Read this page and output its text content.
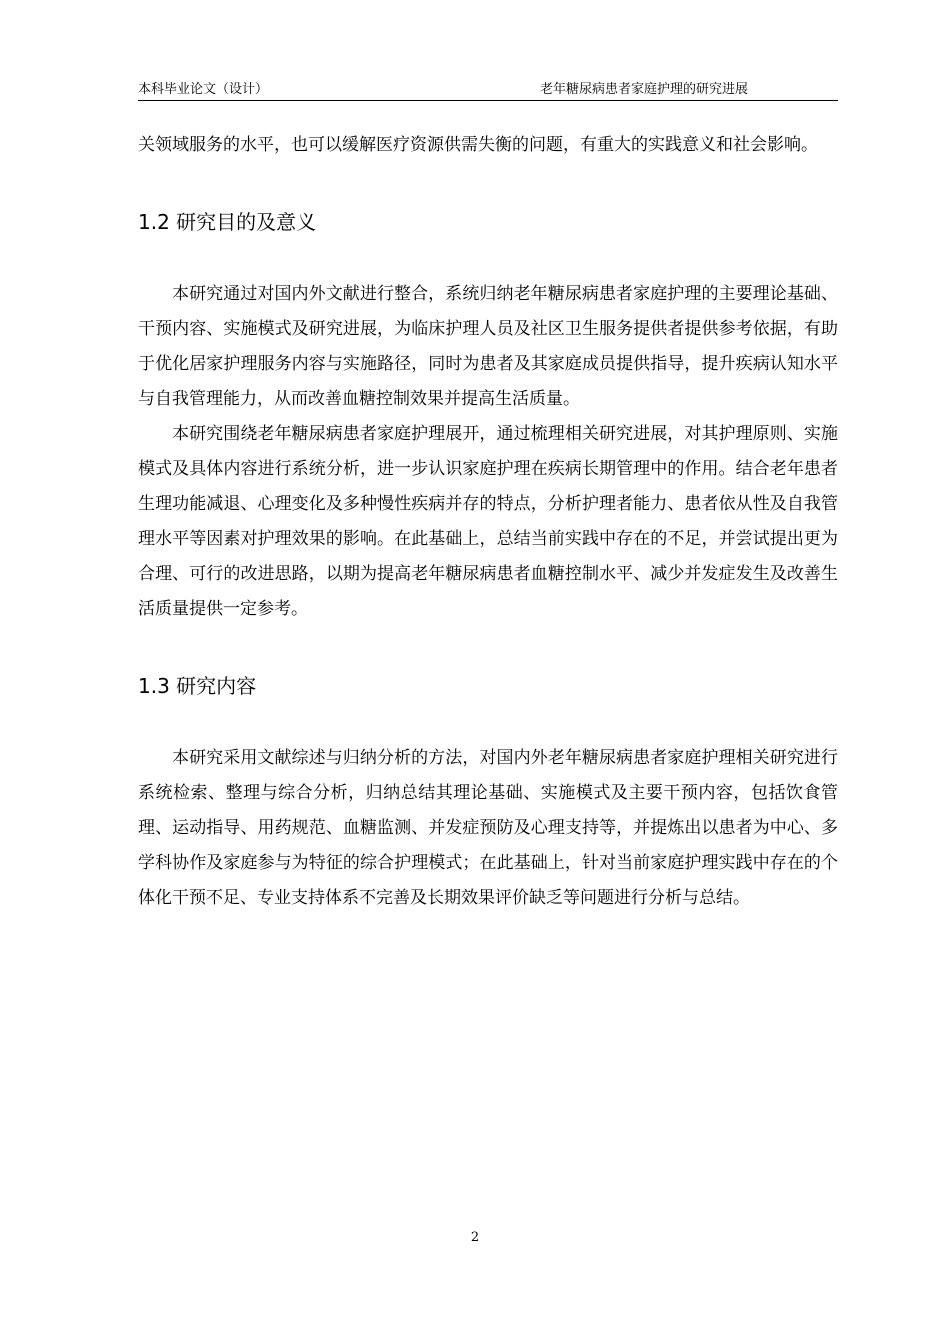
本科毕业论文（设计）	老年糖尿病患者家庭护理的研究进展

关领域服务的水平，也可以缓解医疗资源供需失衡的问题，有重大的实践意义和社会影响。

1.2 研究目的及意义

本研究通过对国内外文献进行整合，系统归纳老年糖尿病患者家庭护理的主要理论基础、干预内容、实施模式及研究进展，为临床护理人员及社区卫生服务提供者提供参考依据，有助于优化居家护理服务内容与实施路径，同时为患者及其家庭成员提供指导，提升疾病认知水平与自我管理能力，从而改善血糖控制效果并提高生活质量。

本研究围绕老年糖尿病患者家庭护理展开，通过梳理相关研究进展，对其护理原则、实施模式及具体内容进行系统分析，进一步认识家庭护理在疾病长期管理中的作用。结合老年患者生理功能减退、心理变化及多种慢性疾病并存的特点，分析护理者能力、患者依从性及自我管理水平等因素对护理效果的影响。在此基础上，总结当前实践中存在的不足，并尝试提出更为合理、可行的改进思路，以期为提高老年糖尿病患者血糖控制水平、减少并发症发生及改善生活质量提供一定参考。

1.3 研究内容

本研究采用文献综述与归纳分析的方法，对国内外老年糖尿病患者家庭护理相关研究进行系统检索、整理与综合分析，归纳总结其理论基础、实施模式及主要干预内容，包括饮食管理、运动指导、用药规范、血糖监测、并发症预防及心理支持等，并提炼出以患者为中心、多学科协作及家庭参与为特征的综合护理模式；在此基础上，针对当前家庭护理实践中存在的个体化干预不足、专业支持体系不完善及长期效果评价缺乏等问题进行分析与总结。

2
